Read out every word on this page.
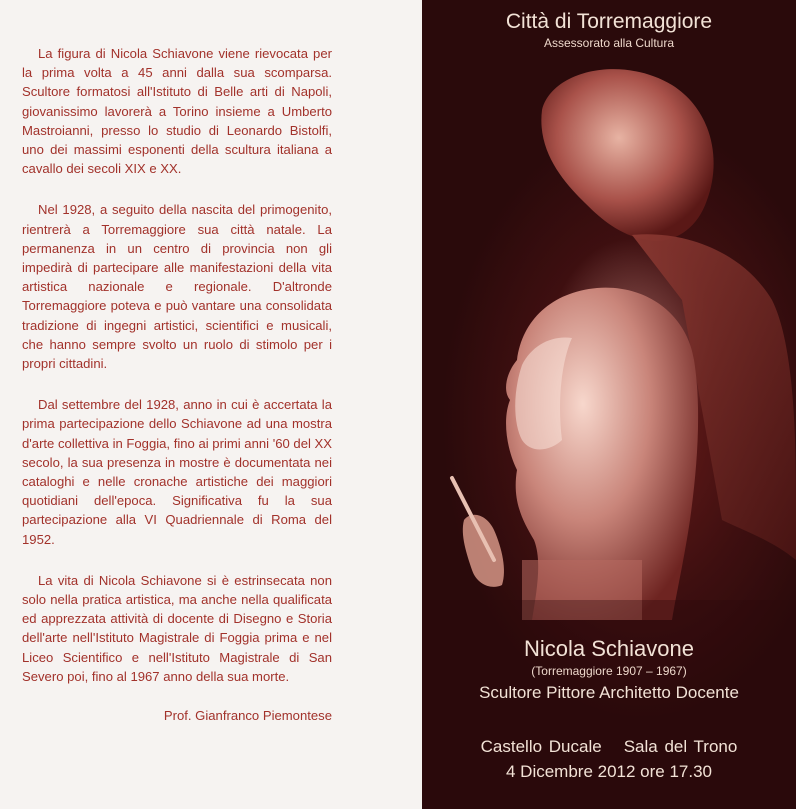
La figura di Nicola Schiavone viene rievocata per la prima volta a 45 anni dalla sua scomparsa. Scultore formatosi all'Istituto di Belle arti di Napoli, giovanissimo lavorerà a Torino insieme a Umberto Mastroianni, presso lo studio di Leonardo Bistolfi, uno dei massimi esponenti della scultura italiana a cavallo dei secoli XIX e XX.

Nel 1928, a seguito della nascita del primogenito, rientrerà a Torremaggiore sua città natale. La permanenza in un centro di provincia non gli impedirà di partecipare alle manifestazioni della vita artistica nazionale e regionale. D'altronde Torremaggiore poteva e può vantare una consolidata tradizione di ingegni artistici, scientifici e musicali, che hanno sempre svolto un ruolo di stimolo per i propri cittadini.

Dal settembre del 1928, anno in cui è accertata la prima partecipazione dello Schiavone ad una mostra d'arte collettiva in Foggia, fino ai primi anni '60 del XX secolo, la sua presenza in mostre è documentata nei cataloghi e nelle cronache artistiche dei maggiori quotidiani dell'epoca. Significativa fu la sua partecipazione alla VI Quadriennale di Roma del 1952.

La vita di Nicola Schiavone si è estrinsecata non solo nella pratica artistica, ma anche nella qualificata ed apprezzata attività di docente di Disegno e Storia dell'arte nell'Istituto Magistrale di Foggia prima e nel Liceo Scientifico e nell'Istituto Magistrale di San Severo poi, fino al 1967 anno della sua morte.

Prof. Gianfranco Piemontese

Città di Torremaggiore
Assessorato alla Cultura
Nicola Schiavone
(Torremaggiore 1907 – 1967)
Scultore Pittore Architetto Docente
Castello Ducale Sala del Trono
4 Dicembre 2012 ore 17.30
